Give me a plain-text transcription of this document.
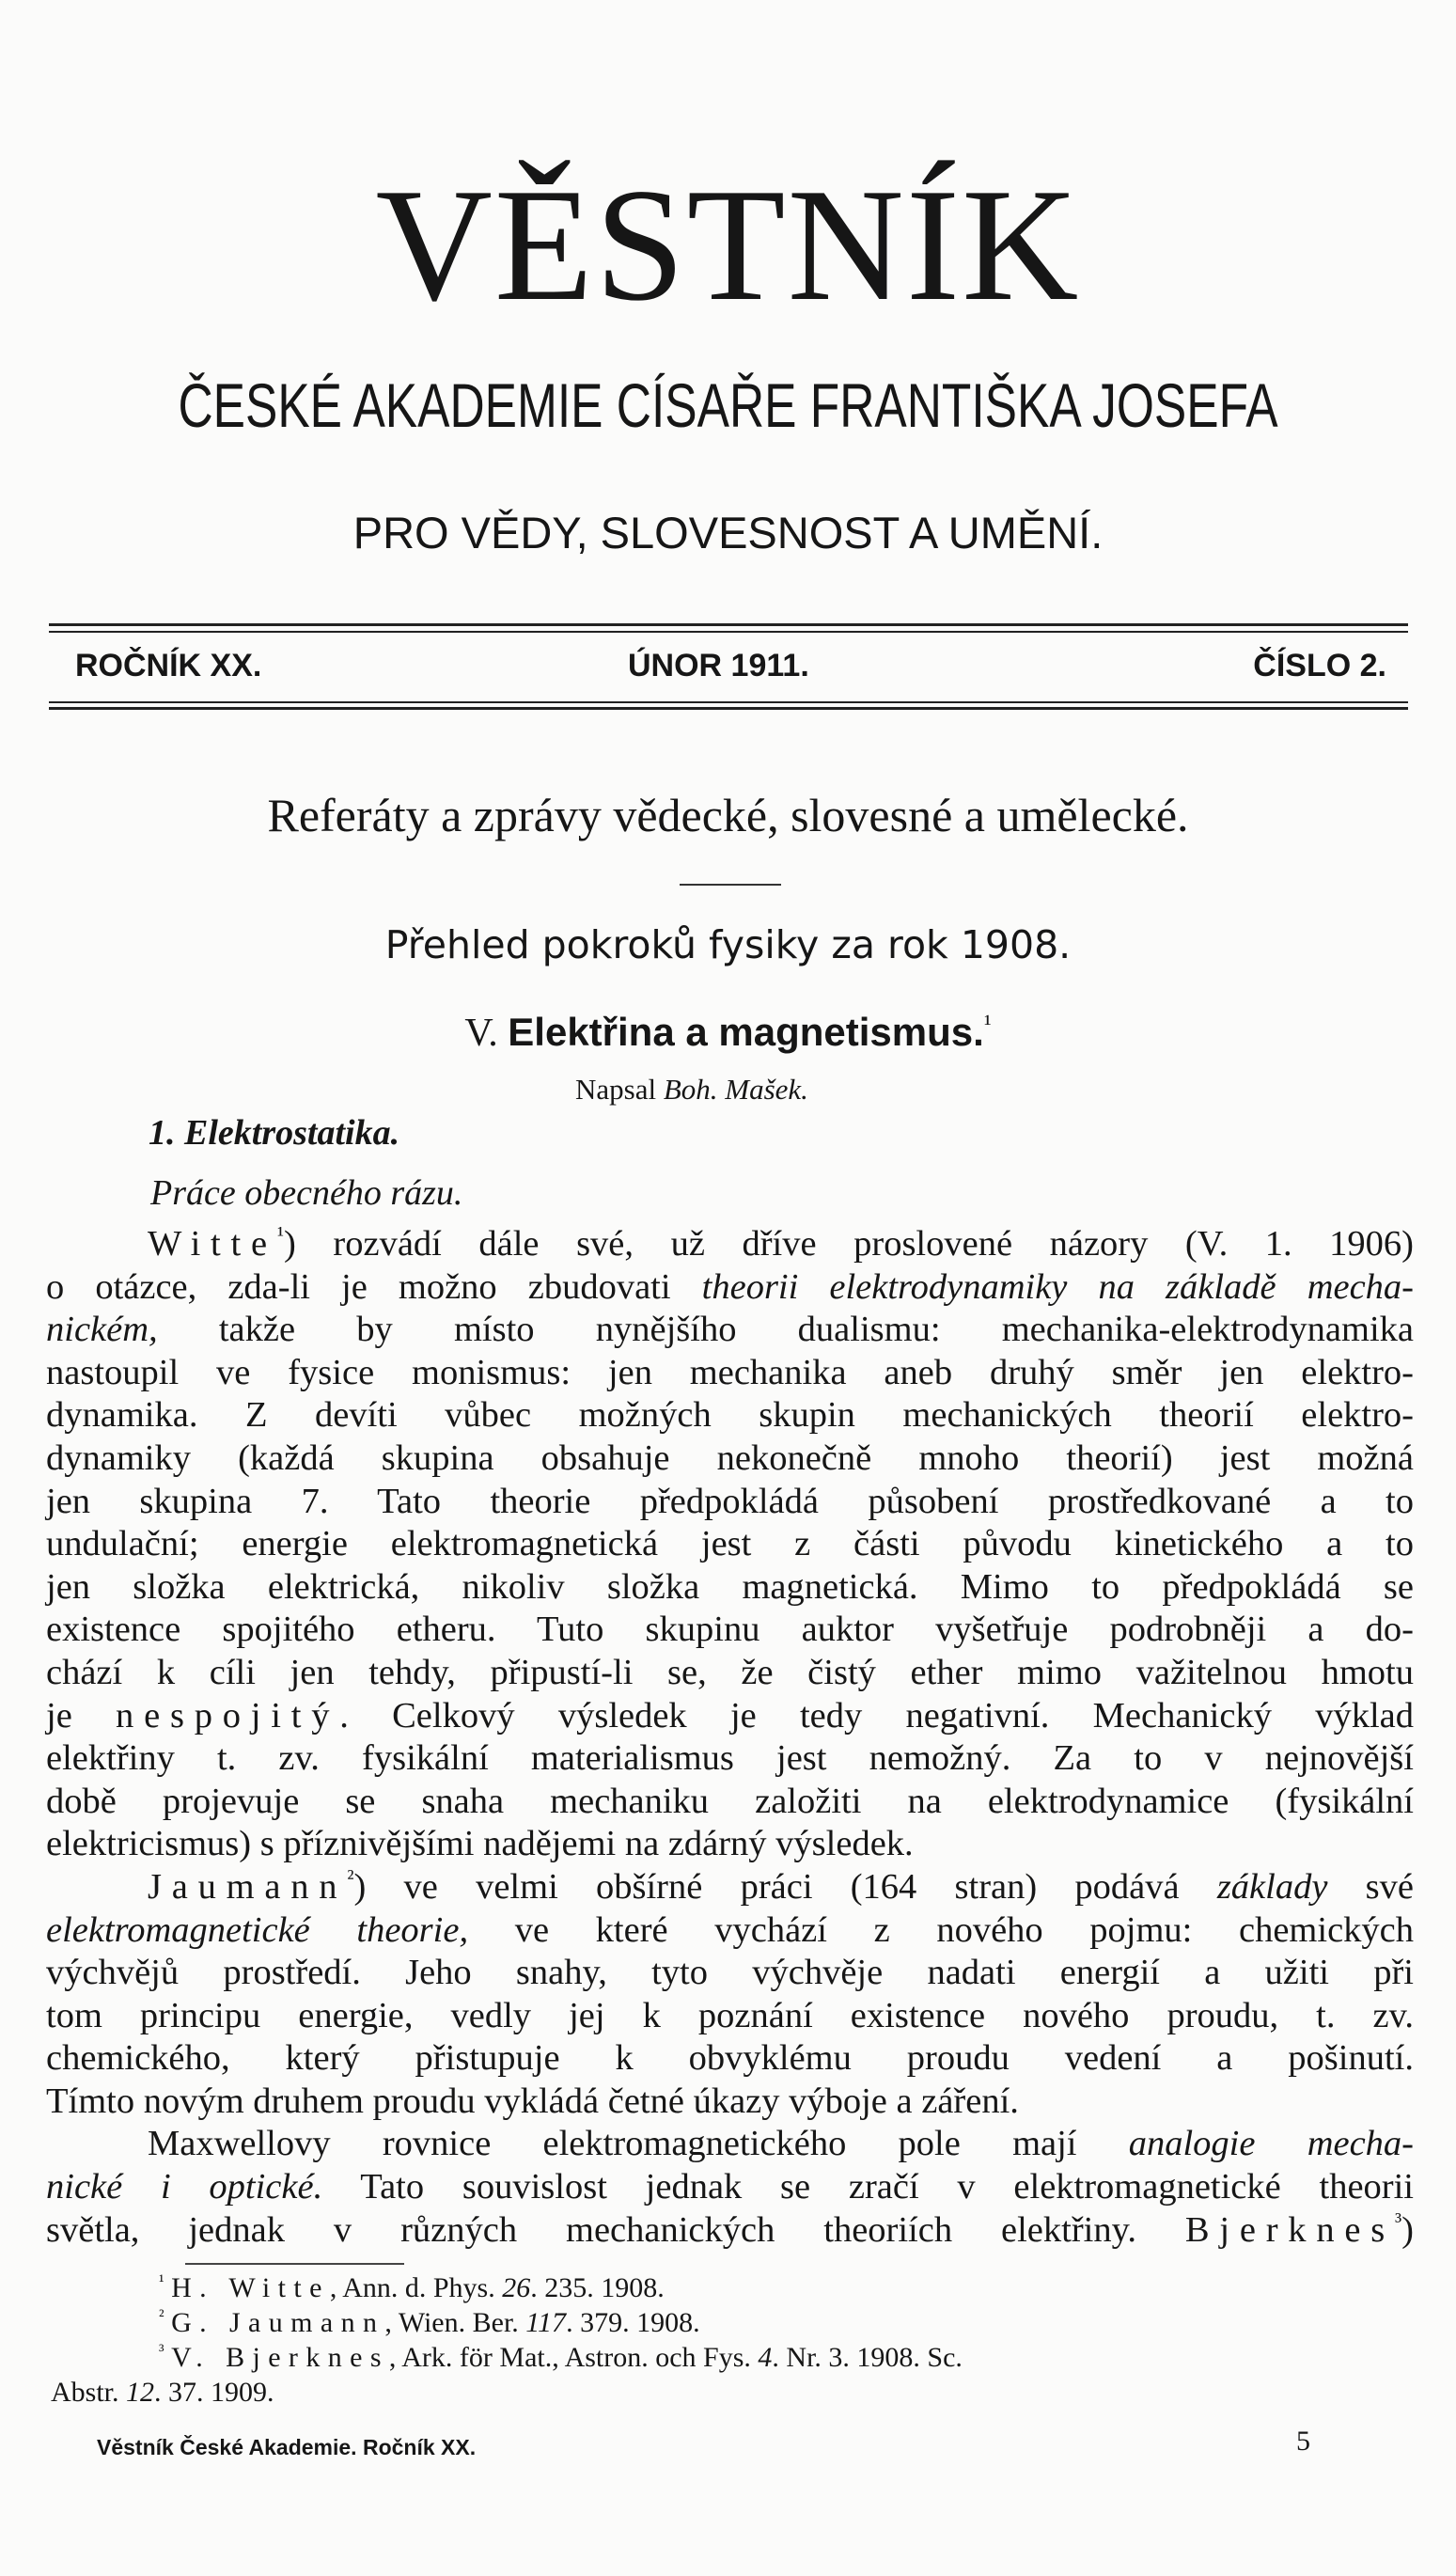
VĚSTNÍK
ČESKÉ AKADEMIE CÍSAŘE FRANTIŠKA JOSEFA
PRO VĚDY, SLOVESNOST A UMĚNÍ.
ROČNÍK XX.	ÚNOR 1911.	ČÍSLO 2.
Referáty a zprávy vědecké, slovesné a umělecké.
Přehled pokroků fysiky za rok 1908.
V. Elektřina a magnetismus.$^{^1}$
Napsal Boh. Mašek.
1. Elektrostatika.
Práce obecného rázu.
Witte$^{^1}$) rozvádí dále své, už dříve proslovené názory (V. 1. 1906)
o otázce, zda-li je možno zbudovati theorii elektrodynamiky na základě mecha-
nickém, takže by místo nynějšího dualismu: mechanika-elektrodynamika
nastoupil ve fysice monismus: jen mechanika aneb druhý směr jen elektro-
dynamika. Z devíti vůbec možných skupin mechanických theorií elektro-
dynamiky (každá skupina obsahuje nekonečně mnoho theorií) jest možná
jen skupina 7. Tato theorie předpokládá působení prostředkované a to
undulační; energie elektromagnetická jest z části původu kinetického a to
jen složka elektrická, nikoliv složka magnetická. Mimo to předpokládá se
existence spojitého etheru. Tuto skupinu auktor vyšetřuje podrobněji a do-
chází k cíli jen tehdy, připustí-li se, že čistý ether mimo važitelnou hmotu
je nespojitý. Celkový výsledek je tedy negativní. Mechanický výklad
elektřiny t. zv. fysikální materialismus jest nemožný. Za to v nejnovější
době projevuje se snaha mechaniku založiti na elektrodynamice (fysikální
elektricismus) s příznivějšími nadějemi na zdárný výsledek.
Jaumann$^{^2}$) ve velmi obšírné práci (164 stran) podává základy své
elektromagnetické theorie, ve které vychází z nového pojmu: chemických
výchvějů prostředí. Jeho snahy, tyto výchvěje nadati energií a užiti při
tom principu energie, vedly jej k poznání existence nového proudu, t. zv.
chemického, který přistupuje k obvyklému proudu vedení a pošinutí.
Tímto novým druhem proudu vykládá četné úkazy výboje a záření.
Maxwellovy rovnice elektromagnetického pole mají analogie mecha-
nické i optické. Tato souvislost jednak se zračí v elektromagnetické theorii
světla, jednak v různých mechanických theoriích elektřiny. Bjerknes$^{^3}$)
$^{^1}$ H. Witte, Ann. d. Phys. 26. 235. 1908.
$^{^2}$ G. Jaumann, Wien. Ber. 117. 379. 1908.
$^{^3}$ V. Bjerknes, Ark. för Mat., Astron. och Fys. 4. Nr. 3. 1908. Sc.
Abstr. 12. 37. 1909.
Věstník České Akademie. Ročník XX.	5
